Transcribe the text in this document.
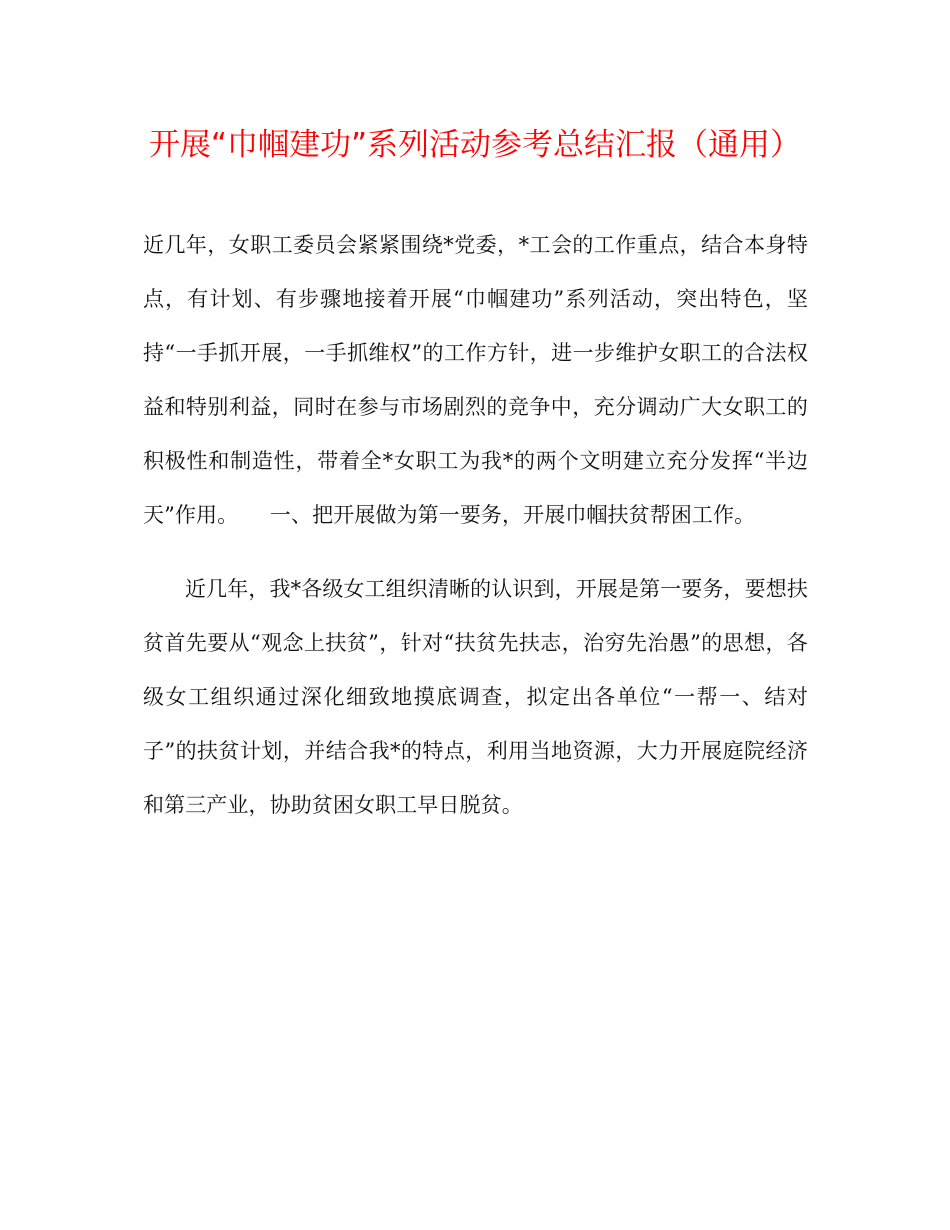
开展“巾帼建功”系列活动参考总结汇报（通用）

近几年，女职工委员会紧紧围绕*党委，*工会的工作重点，结合本身特点，有计划、有步骤地接着开展“巾帼建功”系列活动，突出特色，坚持“一手抓开展，一手抓维权”的工作方针，进一步维护女职工的合法权益和特别利益，同时在参与市场剧烈的竞争中，充分调动广大女职工的积极性和制造性，带着全*女职工为我*的两个文明建立充分发挥“半边天”作用。　　一、把开展做为第一要务，开展巾帼扶贫帮困工作。

近几年，我*各级女工组织清晰的认识到，开展是第一要务，要想扶贫首先要从“观念上扶贫”，针对“扶贫先扶志，治穷先治愚”的思想，各级女工组织通过深化细致地摸底调查，拟定出各单位“一帮一、结对子”的扶贫计划，并结合我*的特点，利用当地资源，大力开展庭院经济和第三产业，协助贫困女职工早日脱贫。
